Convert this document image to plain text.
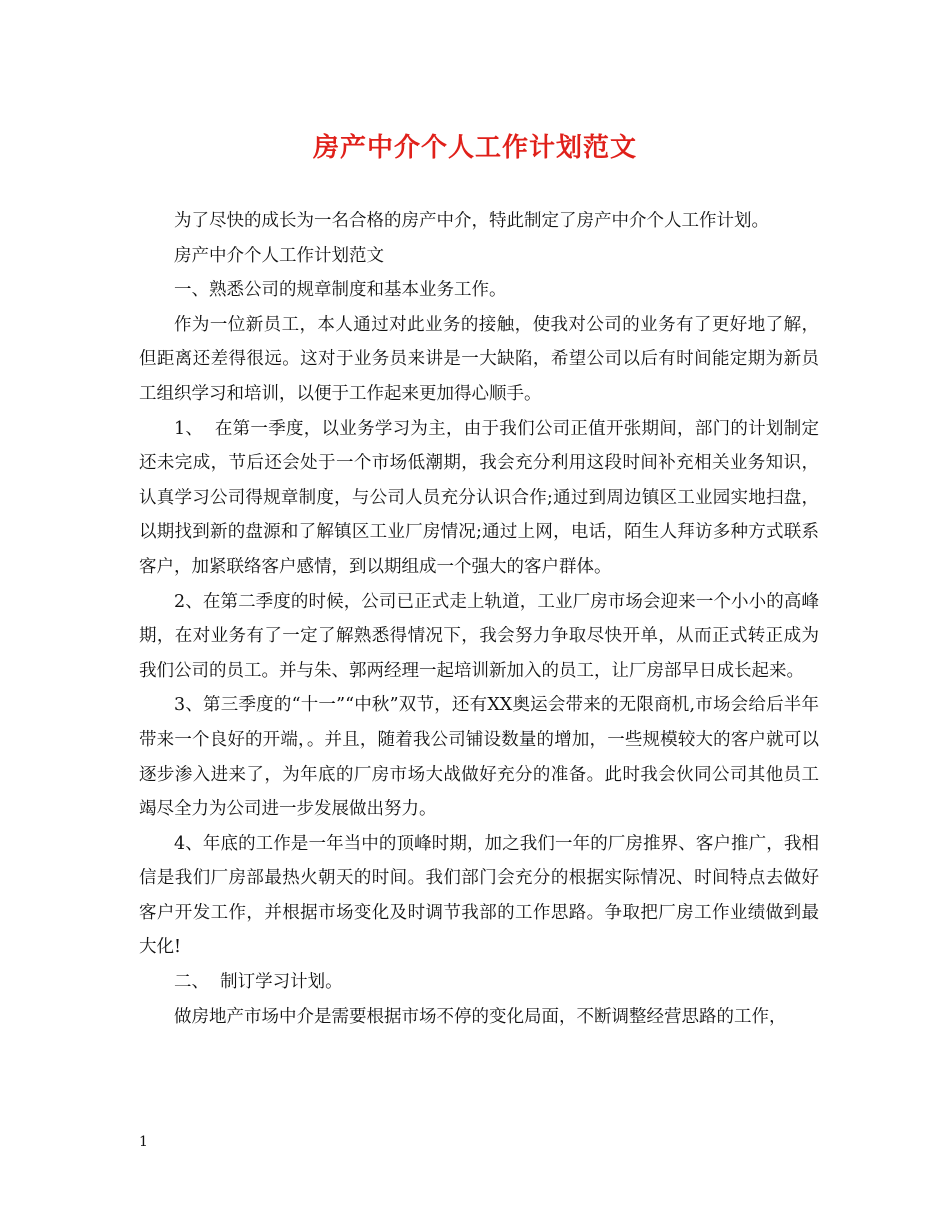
房产中介个人工作计划范文

为了尽快的成长为一名合格的房产中介，特此制定了房产中介个人工作计划。

房产中介个人工作计划范文

一、熟悉公司的规章制度和基本业务工作。

作为一位新员工，本人通过对此业务的接触，使我对公司的业务有了更好地了解，但距离还差得很远。这对于业务员来讲是一大缺陷，希望公司以后有时间能定期为新员工组织学习和培训，以便于工作起来更加得心顺手。

1、  在第一季度，以业务学习为主，由于我们公司正值开张期间，部门的计划制定还未完成，节后还会处于一个市场低潮期，我会充分利用这段时间补充相关业务知识，认真学习公司得规章制度，与公司人员充分认识合作;通过到周边镇区工业园实地扫盘，以期找到新的盘源和了解镇区工业厂房情况;通过上网，电话，陌生人拜访多种方式联系客户，加紧联络客户感情，到以期组成一个强大的客户群体。

2、在第二季度的时候，公司已正式走上轨道，工业厂房市场会迎来一个小小的高峰期，在对业务有了一定了解熟悉得情况下，我会努力争取尽快开单，从而正式转正成为我们公司的员工。并与朱、郭两经理一起培训新加入的员工，让厂房部早日成长起来。

3、第三季度的“十一”“中秋”双节，还有XX奥运会带来的无限商机,市场会给后半年带来一个良好的开端，。并且，随着我公司铺设数量的增加，一些规模较大的客户就可以逐步渗入进来了，为年底的厂房市场大战做好充分的准备。此时我会伙同公司其他员工竭尽全力为公司进一步发展做出努力。

4、年底的工作是一年当中的顶峰时期，加之我们一年的厂房推界、客户推广，我相信是我们厂房部最热火朝天的时间。我们部门会充分的根据实际情况、时间特点去做好客户开发工作，并根据市场变化及时调节我部的工作思路。争取把厂房工作业绩做到最大化!

二、  制订学习计划。

做房地产市场中介是需要根据市场不停的变化局面，不断调整经营思路的工作，

1
